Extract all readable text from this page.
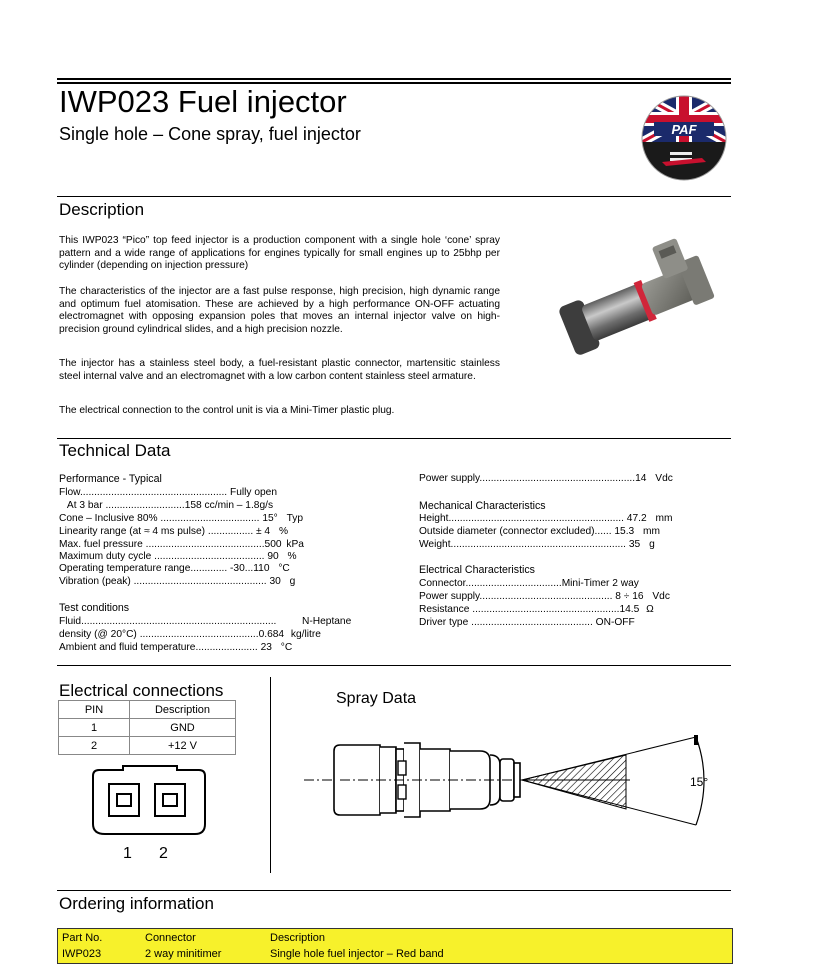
IWP023 Fuel injector
Single hole – Cone spray, fuel injector	PAF
Description
This IWP023 “Pico” top feed injector is a production component with a single hole ‘cone’ spray pattern and a wide range of applications for engines typically for small engines up to 25bhp per cylinder (depending on injection pressure)
The characteristics of the injector are a fast pulse response, high precision, high dynamic range and optimum fuel atomisation. These are achieved by a high performance ON-OFF actuating electromagnet with opposing expansion poles that moves an internal injector valve on high-precision ground cylindrical slides, and a high precision nozzle.
The injector has a stainless steel body, a fuel-resistant plastic connector, martensitic stainless steel internal valve and an electromagnet with a low carbon content stainless steel armature.
The electrical connection to the control unit is via a Mini-Timer plastic plug.
Technical Data
Performance - Typical
Flow.................................................... Fully open
At 3 bar ............................158 cc/min – 1.8g/s
Cone – Inclusive 80% ................................... 15° Typ
Linearity range (at ≈ 4 ms pulse) ................ ± 4 %
Max. fuel pressure ..........................................500 kPa
Maximum duty cycle ....................................... 90 %
Operating temperature range............. -30...110 °C
Vibration (peak) ............................................... 30 g
Test conditions
Fluid.....................................................................	N-Heptane
density (@ 20°C) ..........................................0.684 kg/litre
Ambient and fluid temperature...................... 23 °C
Power supply.......................................................14 Vdc
Mechanical Characteristics
Height.............................................................. 47.2 mm
Outside diameter (connector excluded)...... 15.3 mm
Weight.............................................................. 35 g
Electrical Characteristics
Connector..................................Mini-Timer 2 way
Power supply............................................... 8 ÷ 16 Vdc
Resistance ....................................................14.5 Ω
Driver type ........................................... ON-OFF
Electrical connections
PIN	Description
1	GND
2	+12 V
1 2
Spray Data
15°
Ordering information
Part No.	Connector	Description
IWP023	2 way minitimer	Single hole fuel injector – Red band
